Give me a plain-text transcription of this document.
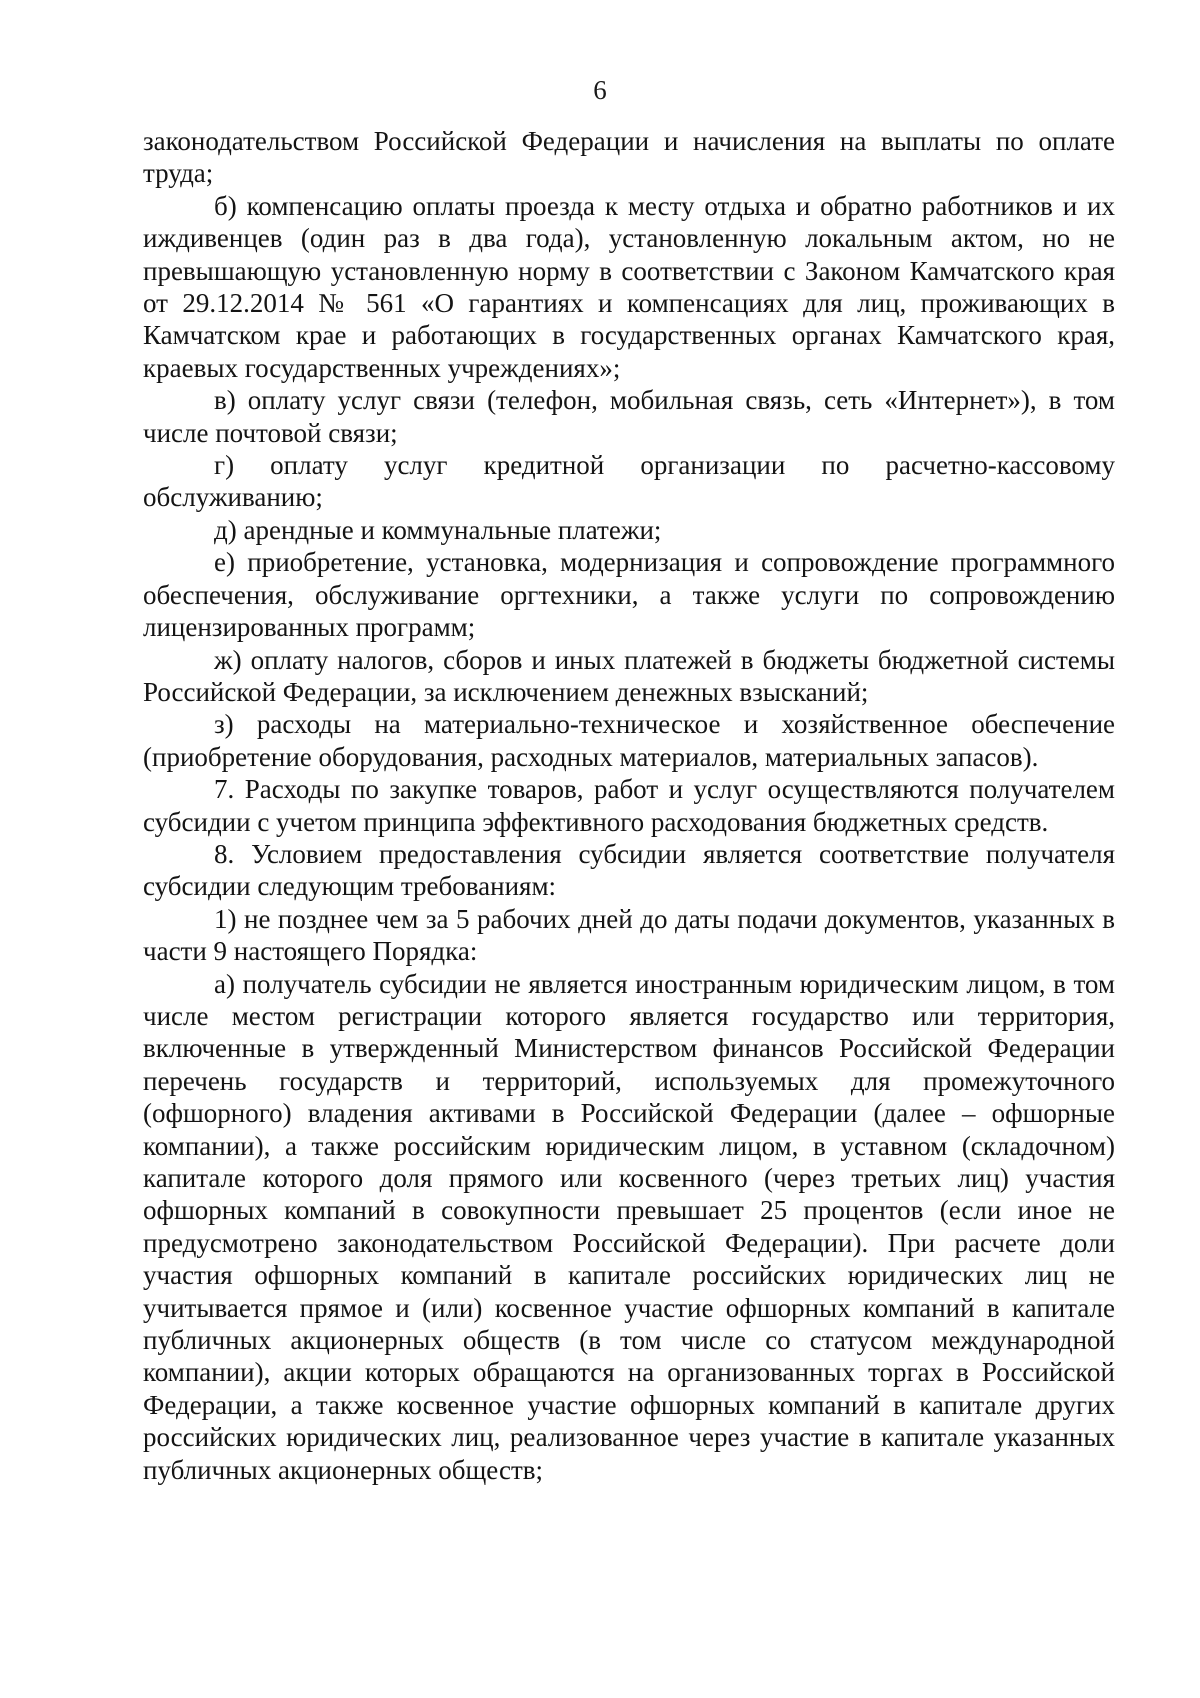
6

законодательством Российской Федерации и начисления на выплаты по оплате труда;

б) компенсацию оплаты проезда к месту отдыха и обратно работников и их иждивенцев (один раз в два года), установленную локальным актом, но не превышающую установленную норму в соответствии с Законом Камчатского края от 29.12.2014 № 561 «О гарантиях и компенсациях для лиц, проживающих в Камчатском крае и работающих в государственных органах Камчатского края, краевых государственных учреждениях»;

в) оплату услуг связи (телефон, мобильная связь, сеть «Интернет»), в том числе почтовой связи;

г) оплату услуг кредитной организации по расчетно-кассовому обслуживанию;

д) арендные и коммунальные платежи;

е) приобретение, установка, модернизация и сопровождение программного обеспечения, обслуживание оргтехники, а также услуги по сопровождению лицензированных программ;

ж) оплату налогов, сборов и иных платежей в бюджеты бюджетной системы Российской Федерации, за исключением денежных взысканий;

з) расходы на материально-техническое и хозяйственное обеспечение (приобретение оборудования, расходных материалов, материальных запасов).

7. Расходы по закупке товаров, работ и услуг осуществляются получателем субсидии с учетом принципа эффективного расходования бюджетных средств.

8. Условием предоставления субсидии является соответствие получателя субсидии следующим требованиям:

1) не позднее чем за 5 рабочих дней до даты подачи документов, указанных в части 9 настоящего Порядка:

а) получатель субсидии не является иностранным юридическим лицом, в том числе местом регистрации которого является государство или территория, включенные в утвержденный Министерством финансов Российской Федерации перечень государств и территорий, используемых для промежуточного (офшорного) владения активами в Российской Федерации (далее – офшорные компании), а также российским юридическим лицом, в уставном (складочном) капитале которого доля прямого или косвенного (через третьих лиц) участия офшорных компаний в совокупности превышает 25 процентов (если иное не предусмотрено законодательством Российской Федерации). При расчете доли участия офшорных компаний в капитале российских юридических лиц не учитывается прямое и (или) косвенное участие офшорных компаний в капитале публичных акционерных обществ (в том числе со статусом международной компании), акции которых обращаются на организованных торгах в Российской Федерации, а также косвенное участие офшорных компаний в капитале других российских юридических лиц, реализованное через участие в капитале указанных публичных акционерных обществ;
